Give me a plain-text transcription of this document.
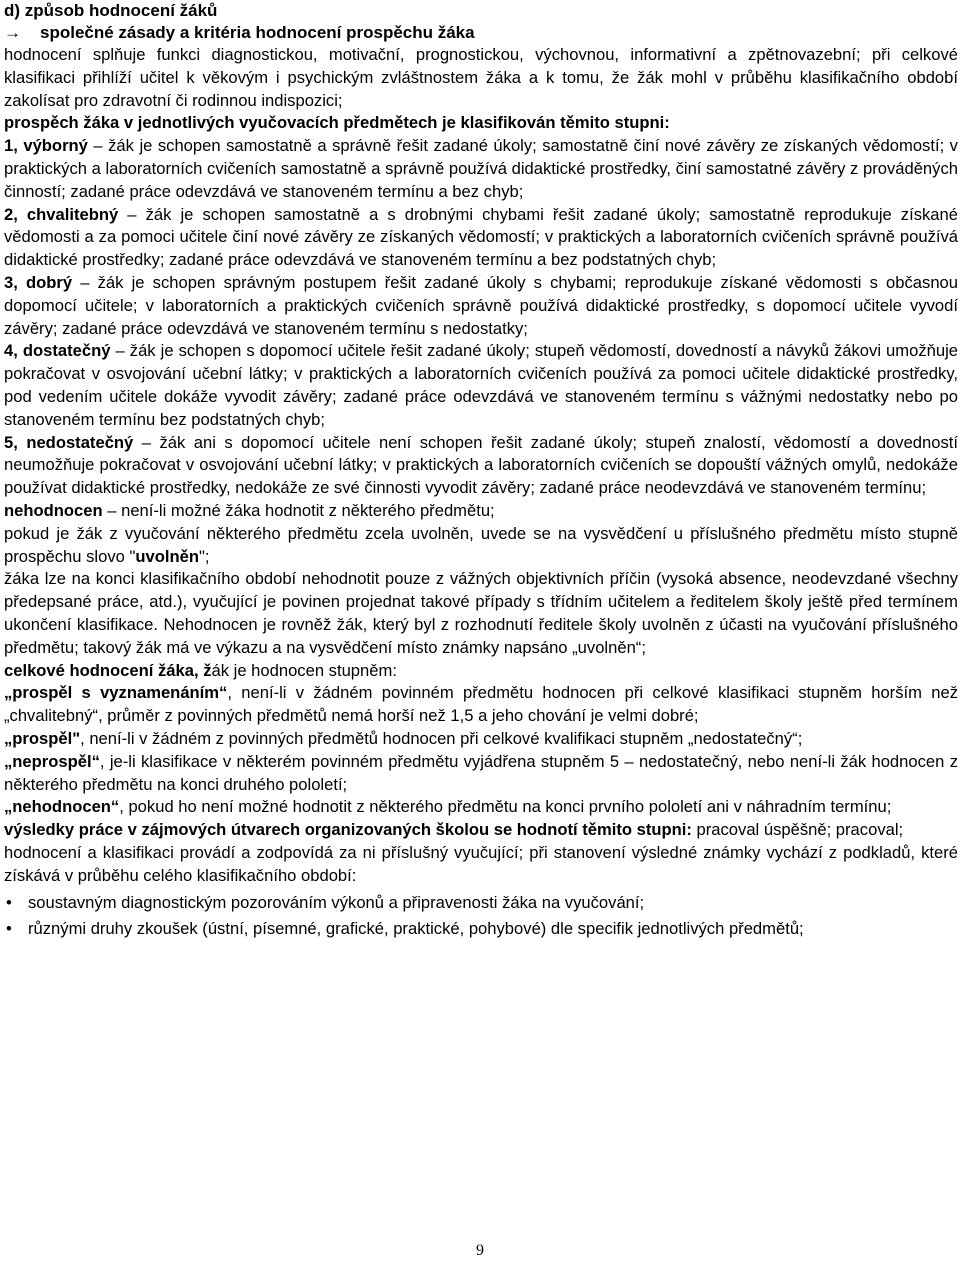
d) způsob hodnocení žáků
→ společné zásady a kritéria hodnocení prospěchu žáka

hodnocení splňuje funkci diagnostickou, motivační, prognostickou, výchovnou, informativní a zpětnovazební; při celkové klasifikaci přihlíží učitel k věkovým i psychickým zvláštnostem žáka a k tomu, že žák mohl v průběhu klasifikačního období zakolísat pro zdravotní či rodinnou indispozici;

prospěch žáka v jednotlivých vyučovacích předmětech je klasifikován těmito stupni:

1, výborný – žák je schopen samostatně a správně řešit zadané úkoly; samostatně činí nové závěry ze získaných vědomostí; v praktických a laboratorních cvičeních samostatně a správně používá didaktické prostředky, činí samostatné závěry z prováděných činností; zadané práce odevzdává ve stanoveném termínu a bez chyb;

2, chvalitebný – žák je schopen samostatně a s drobnými chybami řešit zadané úkoly; samostatně reprodukuje získané vědomosti a za pomoci učitele činí nové závěry ze získaných vědomostí; v praktických a laboratorních cvičeních správně používá didaktické prostředky; zadané práce odevzdává ve stanoveném termínu a bez podstatných chyb;

3, dobrý – žák je schopen správným postupem řešit zadané úkoly s chybami; reprodukuje získané vědomosti s občasnou dopomocí učitele; v laboratorních a praktických cvičeních správně používá didaktické prostředky, s dopomocí učitele vyvodí závěry; zadané práce odevzdává ve stanoveném termínu s nedostatky;

4, dostatečný – žák je schopen s dopomocí učitele řešit zadané úkoly; stupeň vědomostí, dovedností a návyků žákovi umožňuje pokračovat v osvojování učební látky; v praktických a laboratorních cvičeních používá za pomoci učitele didaktické prostředky, pod vedením učitele dokáže vyvodit závěry; zadané práce odevzdává ve stanoveném termínu s vážnými nedostatky nebo po stanoveném termínu bez podstatných chyb;

5, nedostatečný – žák ani s dopomocí učitele není schopen řešit zadané úkoly; stupeň znalostí, vědomostí a dovedností neumožňuje pokračovat v osvojování učební látky; v praktických a laboratorních cvičeních se dopouští vážných omylů, nedokáže používat didaktické prostředky, nedokáže ze své činnosti vyvodit závěry; zadané práce neodevzdává ve stanoveném termínu;

nehodnocen – není-li možné žáka hodnotit z některého předmětu;

pokud je žák z vyučování některého předmětu zcela uvolněn, uvede se na vysvědčení u příslušného předmětu místo stupně prospěchu slovo "uvolněn";

žáka lze na konci klasifikačního období nehodnotit pouze z vážných objektivních příčin (vysoká absence, neodevzdané všechny předepsané práce, atd.), vyučující je povinen projednat takové případy s třídním učitelem a ředitelem školy ještě před termínem ukončení klasifikace. Nehodnocen je rovněž žák, který byl z rozhodnutí ředitele školy uvolněn z účasti na vyučování příslušného předmětu; takový žák má ve výkazu a na vysvědčení místo známky napsáno „uvolněn“;

celkové hodnocení žáka, žák je hodnocen stupněm:

„prospěl s vyznamenáním“, není-li v žádném povinném předmětu hodnocen při celkové klasifikaci stupněm horším než „chvalitebný“, průměr z povinných předmětů nemá horší než 1,5 a jeho chování je velmi dobré;

„prospěl", není-li v žádném z povinných předmětů hodnocen při celkové kvalifikaci stupněm „nedostatečný“;

„neprospěl“, je-li klasifikace v některém povinném předmětu vyjádřena stupněm 5 – nedostatečný, nebo není-li žák hodnocen z některého předmětu na konci druhého pololetí;

„nehodnocen“, pokud ho není možné hodnotit z některého předmětu na konci prvního pololetí ani v náhradním termínu;

výsledky práce v zájmových útvarech organizovaných školou se hodnotí těmito stupni: pracoval úspěšně; pracoval;

hodnocení a klasifikaci provádí a zodpovídá za ni příslušný vyučující; při stanovení výsledné známky vychází z podkladů, které získává v průběhu celého klasifikačního období:

• soustavným diagnostickým pozorováním výkonů a připravenosti žáka na vyučování;
• různými druhy zkoušek (ústní, písemné, grafické, praktické, pohybové) dle specifik jednotlivých předmětů;
9
